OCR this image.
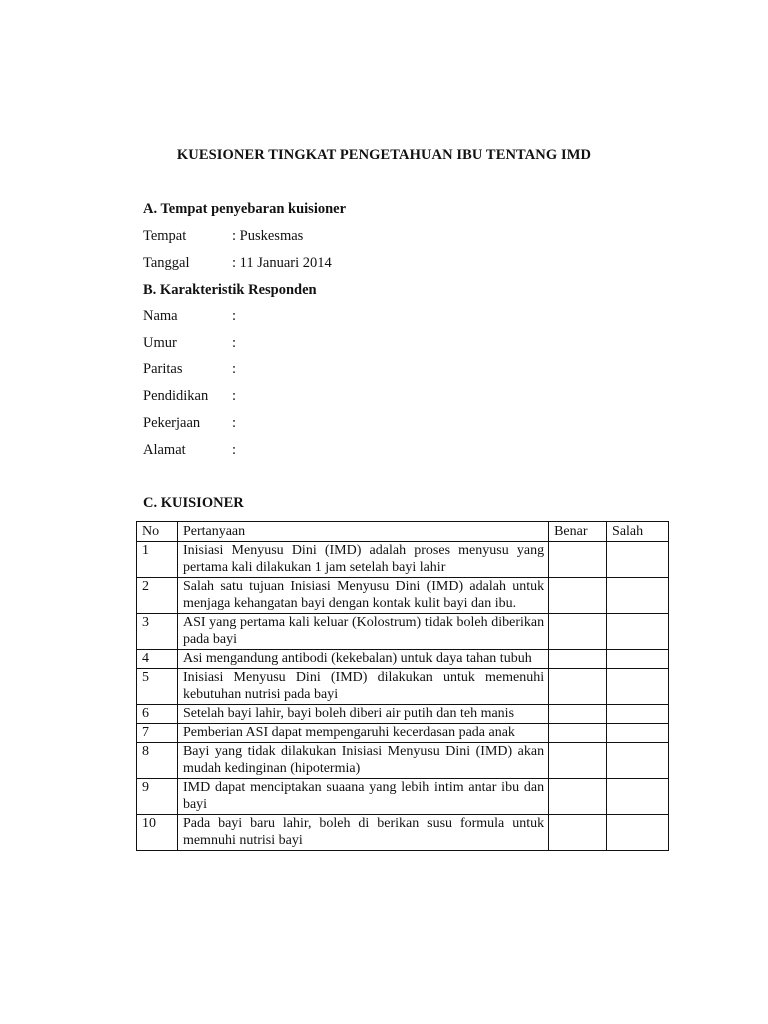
KUESIONER TINGKAT PENGETAHUAN IBU TENTANG IMD
A. Tempat penyebaran kuisioner
Tempat	: Puskesmas
Tanggal	: 11 Januari 2014
B. Karakteristik Responden
Nama	:
Umur	:
Paritas	:
Pendidikan	:
Pekerjaan	:
Alamat	:
C. KUISIONER
No	Pertanyaan	Benar	Salah
1	Inisiasi Menyusu Dini (IMD) adalah proses menyusu yang pertama kali dilakukan 1 jam setelah bayi lahir		
2	Salah satu tujuan Inisiasi Menyusu Dini (IMD) adalah untuk menjaga kehangatan bayi dengan kontak kulit bayi dan ibu.		
3	ASI yang pertama kali keluar (Kolostrum) tidak boleh diberikan pada bayi		
4	Asi mengandung antibodi (kekebalan) untuk daya tahan tubuh		
5	Inisiasi Menyusu Dini (IMD) dilakukan untuk memenuhi kebutuhan nutrisi pada bayi		
6	Setelah bayi lahir, bayi boleh diberi air putih dan teh manis		
7	Pemberian ASI dapat mempengaruhi kecerdasan pada anak		
8	Bayi yang tidak dilakukan Inisiasi Menyusu Dini (IMD) akan mudah kedinginan (hipotermia)		
9	IMD dapat menciptakan suaana yang lebih intim antar ibu dan bayi		
10	Pada bayi baru lahir, boleh di berikan susu formula untuk memnuhi nutrisi bayi		
